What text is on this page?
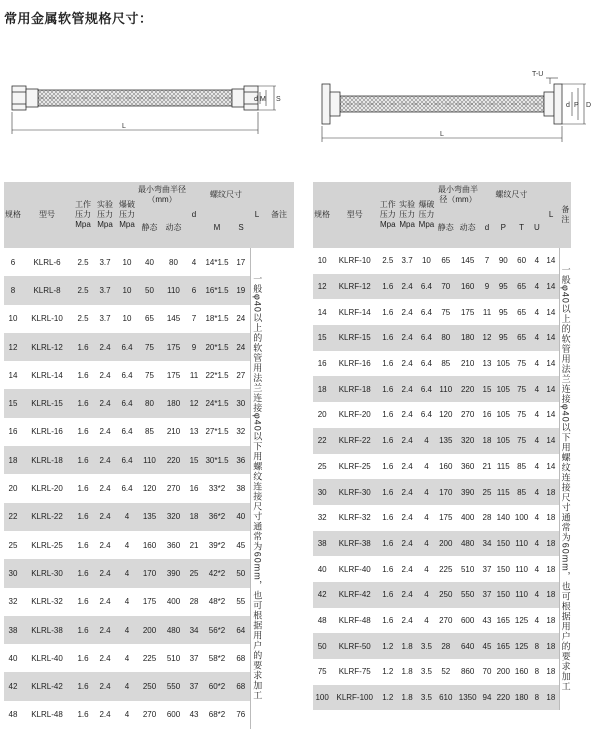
常用金属软管规格尺寸：
d M S
L
T-U
d P D
L
规格	型号	工作压力Mpa	实验压力Mpa	爆破压力Mpa	最小弯曲半径（mm）		d	螺纹尺寸		L	备注
					静态	动态		M	S		
6	KLRL-6	2.5	3.7	10	40	80	4	14*1.5	17	一般φ40以上的软管用法兰连接φ40以下用螺纹连接尺寸通常为60mm，也可根据用户的要求加工	
8	KLRL-8	2.5	3.7	10	50	110	6	16*1.5	19		
10	KLRL-10	2.5	3.7	10	65	145	7	18*1.5	24		
12	KLRL-12	1.6	2.4	6.4	75	175	9	20*1.5	24		
14	KLRL-14	1.6	2.4	6.4	75	175	11	22*1.5	27		
15	KLRL-15	1.6	2.4	6.4	80	180	12	24*1.5	30		
16	KLRL-16	1.6	2.4	6.4	85	210	13	27*1.5	32		
18	KLRL-18	1.6	2.4	6.4	110	220	15	30*1.5	36		
20	KLRL-20	1.6	2.4	6.4	120	270	16	33*2	38		
22	KLRL-22	1.6	2.4	4	135	320	18	36*2	40		
25	KLRL-25	1.6	2.4	4	160	360	21	39*2	45		
30	KLRL-30	1.6	2.4	4	170	390	25	42*2	50		
32	KLRL-32	1.6	2.4	4	175	400	28	48*2	55		
38	KLRL-38	1.6	2.4	4	200	480	34	56*2	64		
40	KLRL-40	1.6	2.4	4	225	510	37	58*2	68		
42	KLRL-42	1.6	2.4	4	250	550	37	60*2	68		
48	KLRL-48	1.6	2.4	4	270	600	43	68*2	76		
规格	型号	工作压力Mpa	实验压力Mpa	爆破压力Mpa	最小弯曲半径（mm）		螺纹尺寸				L	备注
					静态	动态	d	P	T	U		
10	KLRF-10	2.5	3.7	10	65	145	7	90	60	4	14	一般φ40以上的软管用法兰连接φ40以下用螺纹连接尺寸通常为60mm，也可根据用户的要求加工
12	KLRF-12	1.6	2.4	6.4	70	160	9	95	65	4	14	
14	KLRF-14	1.6	2.4	6.4	75	175	11	95	65	4	14	
15	KLRF-15	1.6	2.4	6.4	80	180	12	95	65	4	14	
16	KLRF-16	1.6	2.4	6.4	85	210	13	105	75	4	14	
18	KLRF-18	1.6	2.4	6.4	110	220	15	105	75	4	14	
20	KLRF-20	1.6	2.4	6.4	120	270	16	105	75	4	14	
22	KLRF-22	1.6	2.4	4	135	320	18	105	75	4	14	
25	KLRF-25	1.6	2.4	4	160	360	21	115	85	4	14	
30	KLRF-30	1.6	2.4	4	170	390	25	115	85	4	18	
32	KLRF-32	1.6	2.4	4	175	400	28	140	100	4	18	
38	KLRF-38	1.6	2.4	4	200	480	34	150	110	4	18	
40	KLRF-40	1.6	2.4	4	225	510	37	150	110	4	18	
42	KLRF-42	1.6	2.4	4	250	550	37	150	110	4	18	
48	KLRF-48	1.6	2.4	4	270	600	43	165	125	4	18	
50	KLRF-50	1.2	1.8	3.5	28	640	45	165	125	8	18	
75	KLRF-75	1.2	1.8	3.5	52	860	70	200	160	8	18	
100	KLRF-100	1.2	1.8	3.5	610	1350	94	220	180	8	18	
